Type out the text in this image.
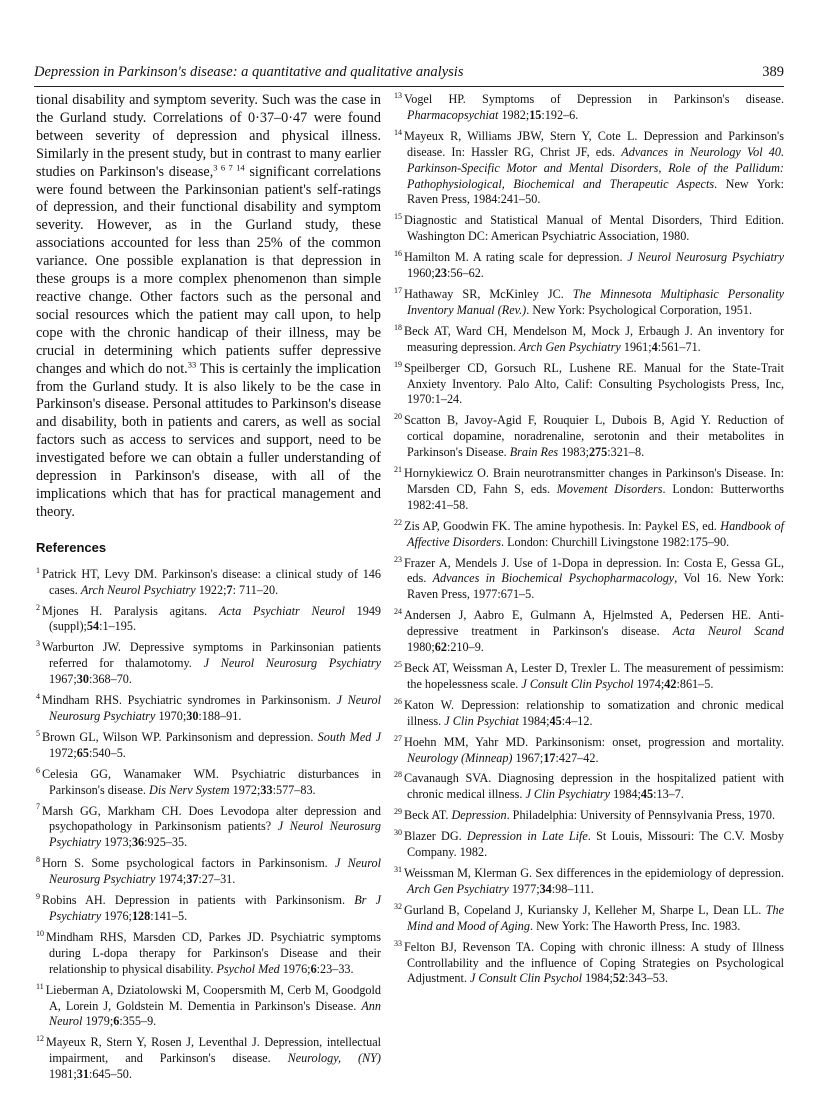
Depression in Parkinson's disease: a quantitative and qualitative analysis	389

tional disability and symptom severity. Such was the case in the Gurland study. Correlations of 0·37–0·47 were found between severity of depression and physical illness. Similarly in the present study, but in contrast to many earlier studies on Parkinson's disease,$^{3 6 7 14}$ significant correlations were found between the Parkinsonian patient's self-ratings of depression, and their functional disability and symptom severity. However, as in the Gurland study, these associations accounted for less than 25% of the common variance. One possible explanation is that depression in these groups is a more complex phenomenon than simple reactive change. Other factors such as the personal and social resources which the patient may call upon, to help cope with the chronic handicap of their illness, may be crucial in determining which patients suffer depressive changes and which do not.$^{33}$ This is certainly the implication from the Gurland study. It is also likely to be the case in Parkinson's disease. Personal attitudes to Parkinson's disease and disability, both in patients and carers, as well as social factors such as access to services and support, need to be investigated before we can obtain a fuller understanding of depression in Parkinson's disease, with all of the implications which that has for practical management and theory.

References
$^1$ Patrick HT, Levy DM. Parkinson's disease: a clinical study of 146 cases. Arch Neurol Psychiatry 1922;7: 711–20.
$^2$ Mjones H. Paralysis agitans. Acta Psychiatr Neurol 1949 (suppl);54:1–195.
$^3$ Warburton JW. Depressive symptoms in Parkinsonian patients referred for thalamotomy. J Neurol Neurosurg Psychiatry 1967;30:368–70.
$^4$ Mindham RHS. Psychiatric syndromes in Parkinsonism. J Neurol Neurosurg Psychiatry 1970;30:188–91.
$^5$ Brown GL, Wilson WP. Parkinsonism and depression. South Med J 1972;65:540–5.
$^6$ Celesia GG, Wanamaker WM. Psychiatric disturbances in Parkinson's disease. Dis Nerv System 1972;33:577–83.
$^7$ Marsh GG, Markham CH. Does Levodopa alter depression and psychopathology in Parkinsonism patients? J Neurol Neurosurg Psychiatry 1973;36:925–35.
$^8$ Horn S. Some psychological factors in Parkinsonism. J Neurol Neurosurg Psychiatry 1974;37:27–31.
$^9$ Robins AH. Depression in patients with Parkinsonism. Br J Psychiatry 1976;128:141–5.
$^{10}$ Mindham RHS, Marsden CD, Parkes JD. Psychiatric symptoms during L-dopa therapy for Parkinson's Disease and their relationship to physical disability. Psychol Med 1976;6:23–33.
$^{11}$ Lieberman A, Dziatolowski M, Coopersmith M, Cerb M, Goodgold A, Lorein J, Goldstein M. Dementia in Parkinson's Disease. Ann Neurol 1979;6:355–9.
$^{12}$ Mayeux R, Stern Y, Rosen J, Leventhal J. Depression, intellectual impairment, and Parkinson's disease. Neurology, (NY) 1981;31:645–50.
$^{13}$ Vogel HP. Symptoms of Depression in Parkinson's disease. Pharmacopsychiat 1982;15:192–6.
$^{14}$ Mayeux R, Williams JBW, Stern Y, Cote L. Depression and Parkinson's disease. In: Hassler RG, Christ JF, eds. Advances in Neurology Vol 40. Parkinson-Specific Motor and Mental Disorders, Role of the Pallidum: Pathophysiological, Biochemical and Therapeutic Aspects. New York: Raven Press, 1984:241–50.
$^{15}$ Diagnostic and Statistical Manual of Mental Disorders, Third Edition. Washington DC: American Psychiatric Association, 1980.
$^{16}$ Hamilton M. A rating scale for depression. J Neurol Neurosurg Psychiatry 1960;23:56–62.
$^{17}$ Hathaway SR, McKinley JC. The Minnesota Multiphasic Personality Inventory Manual (Rev.). New York: Psychological Corporation, 1951.
$^{18}$ Beck AT, Ward CH, Mendelson M, Mock J, Erbaugh J. An inventory for measuring depression. Arch Gen Psychiatry 1961;4:561–71.
$^{19}$ Speilberger CD, Gorsuch RL, Lushene RE. Manual for the State-Trait Anxiety Inventory. Palo Alto, Calif: Consulting Psychologists Press, Inc, 1970:1–24.
$^{20}$ Scatton B, Javoy-Agid F, Rouquier L, Dubois B, Agid Y. Reduction of cortical dopamine, noradrenaline, serotonin and their metabolites in Parkinson's Disease. Brain Res 1983;275:321–8.
$^{21}$ Hornykiewicz O. Brain neurotransmitter changes in Parkinson's Disease. In: Marsden CD, Fahn S, eds. Movement Disorders. London: Butterworths 1982:41–58.
$^{22}$ Zis AP, Goodwin FK. The amine hypothesis. In: Paykel ES, ed. Handbook of Affective Disorders. London: Churchill Livingstone 1982:175–90.
$^{23}$ Frazer A, Mendels J. Use of 1-Dopa in depression. In: Costa E, Gessa GL, eds. Advances in Biochemical Psychopharmacology, Vol 16. New York: Raven Press, 1977:671–5.
$^{24}$ Andersen J, Aabro E, Gulmann A, Hjelmsted A, Pedersen HE. Anti-depressive treatment in Parkinson's disease. Acta Neurol Scand 1980;62:210–9.
$^{25}$ Beck AT, Weissman A, Lester D, Trexler L. The measurement of pessimism: the hopelessness scale. J Consult Clin Psychol 1974;42:861–5.
$^{26}$ Katon W. Depression: relationship to somatization and chronic medical illness. J Clin Psychiat 1984;45:4–12.
$^{27}$ Hoehn MM, Yahr MD. Parkinsonism: onset, progression and mortality. Neurology (Minneap) 1967;17:427–42.
$^{28}$ Cavanaugh SVA. Diagnosing depression in the hospitalized patient with chronic medical illness. J Clin Psychiatry 1984;45:13–7.
$^{29}$ Beck AT. Depression. Philadelphia: University of Pennsylvania Press, 1970.
$^{30}$ Blazer DG. Depression in Late Life. St Louis, Missouri: The C.V. Mosby Company. 1982.
$^{31}$ Weissman M, Klerman G. Sex differences in the epidemiology of depression. Arch Gen Psychiatry 1977;34:98–111.
$^{32}$ Gurland B, Copeland J, Kuriansky J, Kelleher M, Sharpe L, Dean LL. The Mind and Mood of Aging. New York: The Haworth Press, Inc. 1983.
$^{33}$ Felton BJ, Revenson TA. Coping with chronic illness: A study of Illness Controllability and the influence of Coping Strategies on Psychological Adjustment. J Consult Clin Psychol 1984;52:343–53.
